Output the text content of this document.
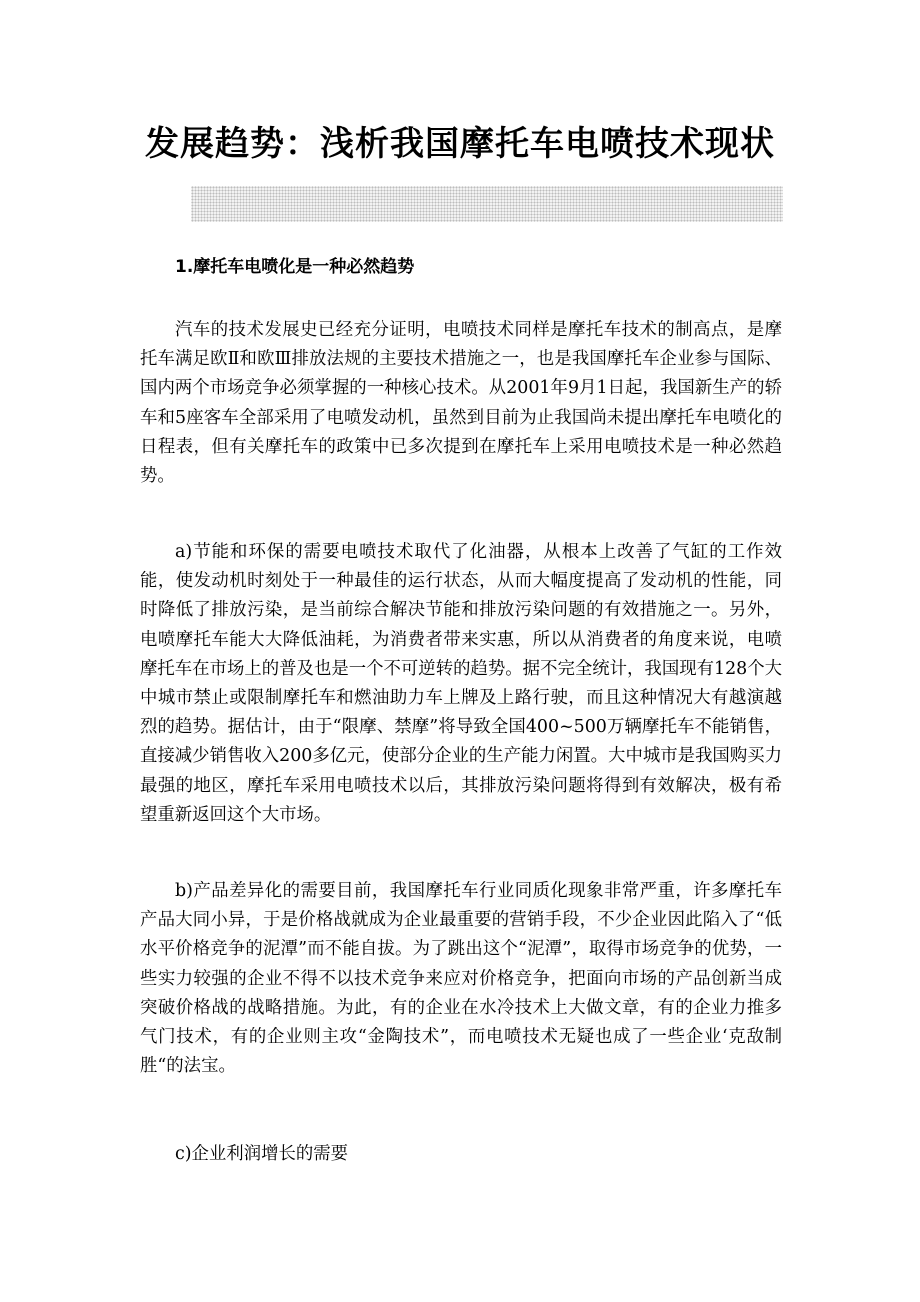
发展趋势：浅析我国摩托车电喷技术现状
1.摩托车电喷化是一种必然趋势

汽车的技术发展史已经充分证明，电喷技术同样是摩托车技术的制高点，是摩托车满足欧Ⅱ和欧Ⅲ排放法规的主要技术措施之一，也是我国摩托车企业参与国际、国内两个市场竞争必须掌握的一种核心技术。从2001年9月1日起，我国新生产的轿车和5座客车全部采用了电喷发动机，虽然到目前为止我国尚未提出摩托车电喷化的日程表，但有关摩托车的政策中已多次提到在摩托车上采用电喷技术是一种必然趋势。

a)节能和环保的需要电喷技术取代了化油器，从根本上改善了气缸的工作效能，使发动机时刻处于一种最佳的运行状态，从而大幅度提高了发动机的性能，同时降低了排放污染，是当前综合解决节能和排放污染问题的有效措施之一。另外，电喷摩托车能大大降低油耗，为消费者带来实惠，所以从消费者的角度来说，电喷摩托车在市场上的普及也是一个不可逆转的趋势。据不完全统计，我国现有128个大中城市禁止或限制摩托车和燃油助力车上牌及上路行驶，而且这种情况大有越演越烈的趋势。据估计，由于“限摩、禁摩”将导致全国400~500万辆摩托车不能销售，直接减少销售收入200多亿元，使部分企业的生产能力闲置。大中城市是我国购买力最强的地区，摩托车采用电喷技术以后，其排放污染问题将得到有效解决，极有希望重新返回这个大市场。

b)产品差异化的需要目前，我国摩托车行业同质化现象非常严重，许多摩托车产品大同小异，于是价格战就成为企业最重要的营销手段，不少企业因此陷入了“低水平价格竞争的泥潭”而不能自拔。为了跳出这个“泥潭”，取得市场竞争的优势，一些实力较强的企业不得不以技术竞争来应对价格竞争，把面向市场的产品创新当成突破价格战的战略措施。为此，有的企业在水冷技术上大做文章，有的企业力推多气门技术，有的企业则主攻“金陶技术”，而电喷技术无疑也成了一些企业‘克敌制胜“的法宝。

c)企业利润增长的需要
